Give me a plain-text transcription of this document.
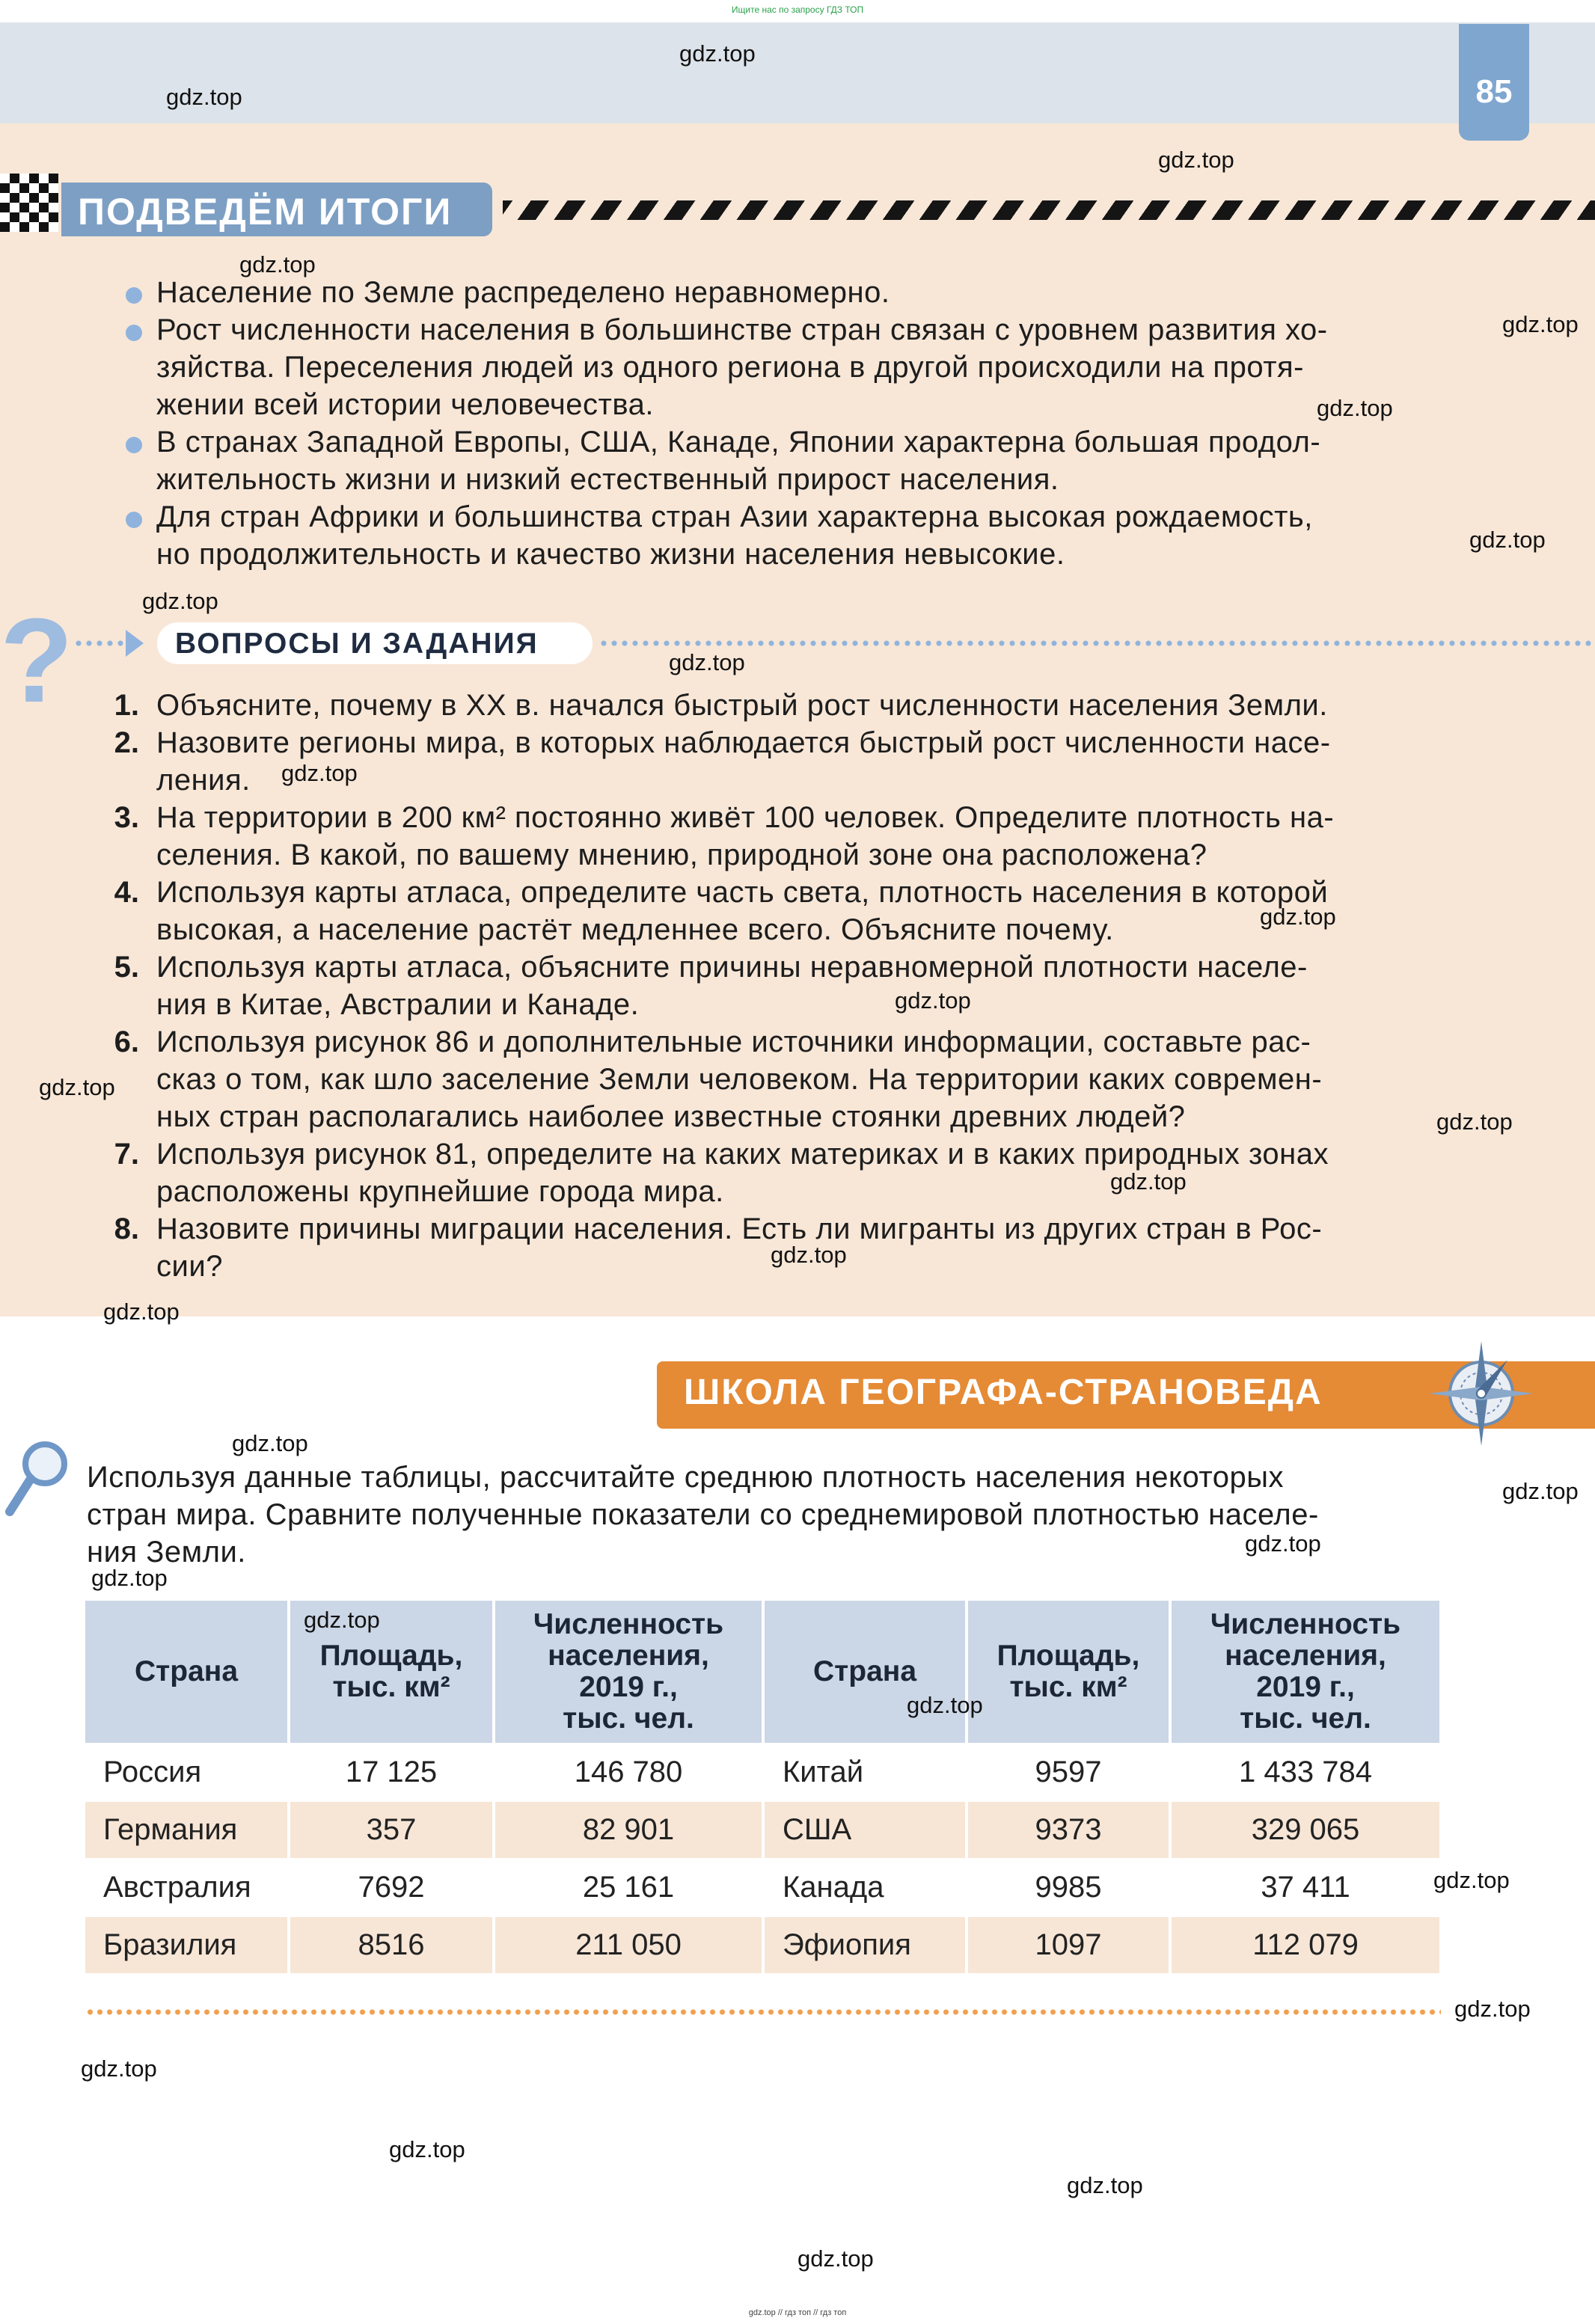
85
Ищите нас по запросу ГДЗ ТОП
ПОДВЕДЁМ ИТОГИ
Население по Земле распределено неравномерно.
Рост численности населения в большинстве стран связан с уровнем развития хо-
зяйства. Переселения людей из одного региона в другой происходили на протя-
жении всей истории человечества.
В странах Западной Европы, США, Канаде, Японии характерна большая продол-
жительность жизни и низкий естественный прирост населения.
Для стран Африки и большинства стран Азии характерна высокая рождаемость,
но продолжительность и качество жизни населения невысокие.
?	ВОПРОСЫ И ЗАДАНИЯ
1. Объясните, почему в XX в. начался быстрый рост численности населения Земли.
2. Назовите регионы мира, в которых наблюдается быстрый рост численности насе-
ления.
3. На территории в 200 км² постоянно живёт 100 человек. Определите плотность на-
селения. В какой, по вашему мнению, природной зоне она расположена?
4. Используя карты атласа, определите часть света, плотность населения в которой
высокая, а население растёт медленнее всего. Объясните почему.
5. Используя карты атласа, объясните причины неравномерной плотности населе-
ния в Китае, Австралии и Канаде.
6. Используя рисунок 86 и дополнительные источники информации, составьте рас-
сказ о том, как шло заселение Земли человеком. На территории каких современ-
ных стран располагались наиболее известные стоянки древних людей?
7. Используя рисунок 81, определите на каких материках и в каких природных зонах
расположены крупнейшие города мира.
8. Назовите причины миграции населения. Есть ли мигранты из других стран в Рос-
сии?
ШКОЛА ГЕОГРАФА-СТРАНОВЕДА
Используя данные таблицы, рассчитайте среднюю плотность населения некоторых
стран мира. Сравните полученные показатели со среднемировой плотностью населе-
ния Земли.
Страна	Площадь,
тыс. км²	Численность
населения,
2019 г.,
тыс. чел.	Страна	Площадь,
тыс. км²	Численность
населения,
2019 г.,
тыс. чел.
Россия	17 125	146 780	Китай	9597	1 433 784
Германия	357	82 901	США	9373	329 065
Австралия	7692	25 161	Канада	9985	37 411
Бразилия	8516	211 050	Эфиопия	1097	112 079
gdz.top
gdz.top
gdz.top
gdz.top
gdz.top
gdz.top
gdz.top
gdz.top
gdz.top
gdz.top
gdz.top
gdz.top
gdz.top
gdz.top
gdz.top
gdz.top
gdz.top
gdz.top
gdz.top
gdz.top
gdz.top
gdz.top
gdz.top
gdz.top
gdz.top
gdz.top
gdz.top
gdz.top
gdz.top
gdz.top // гдз топ // гдз топ
